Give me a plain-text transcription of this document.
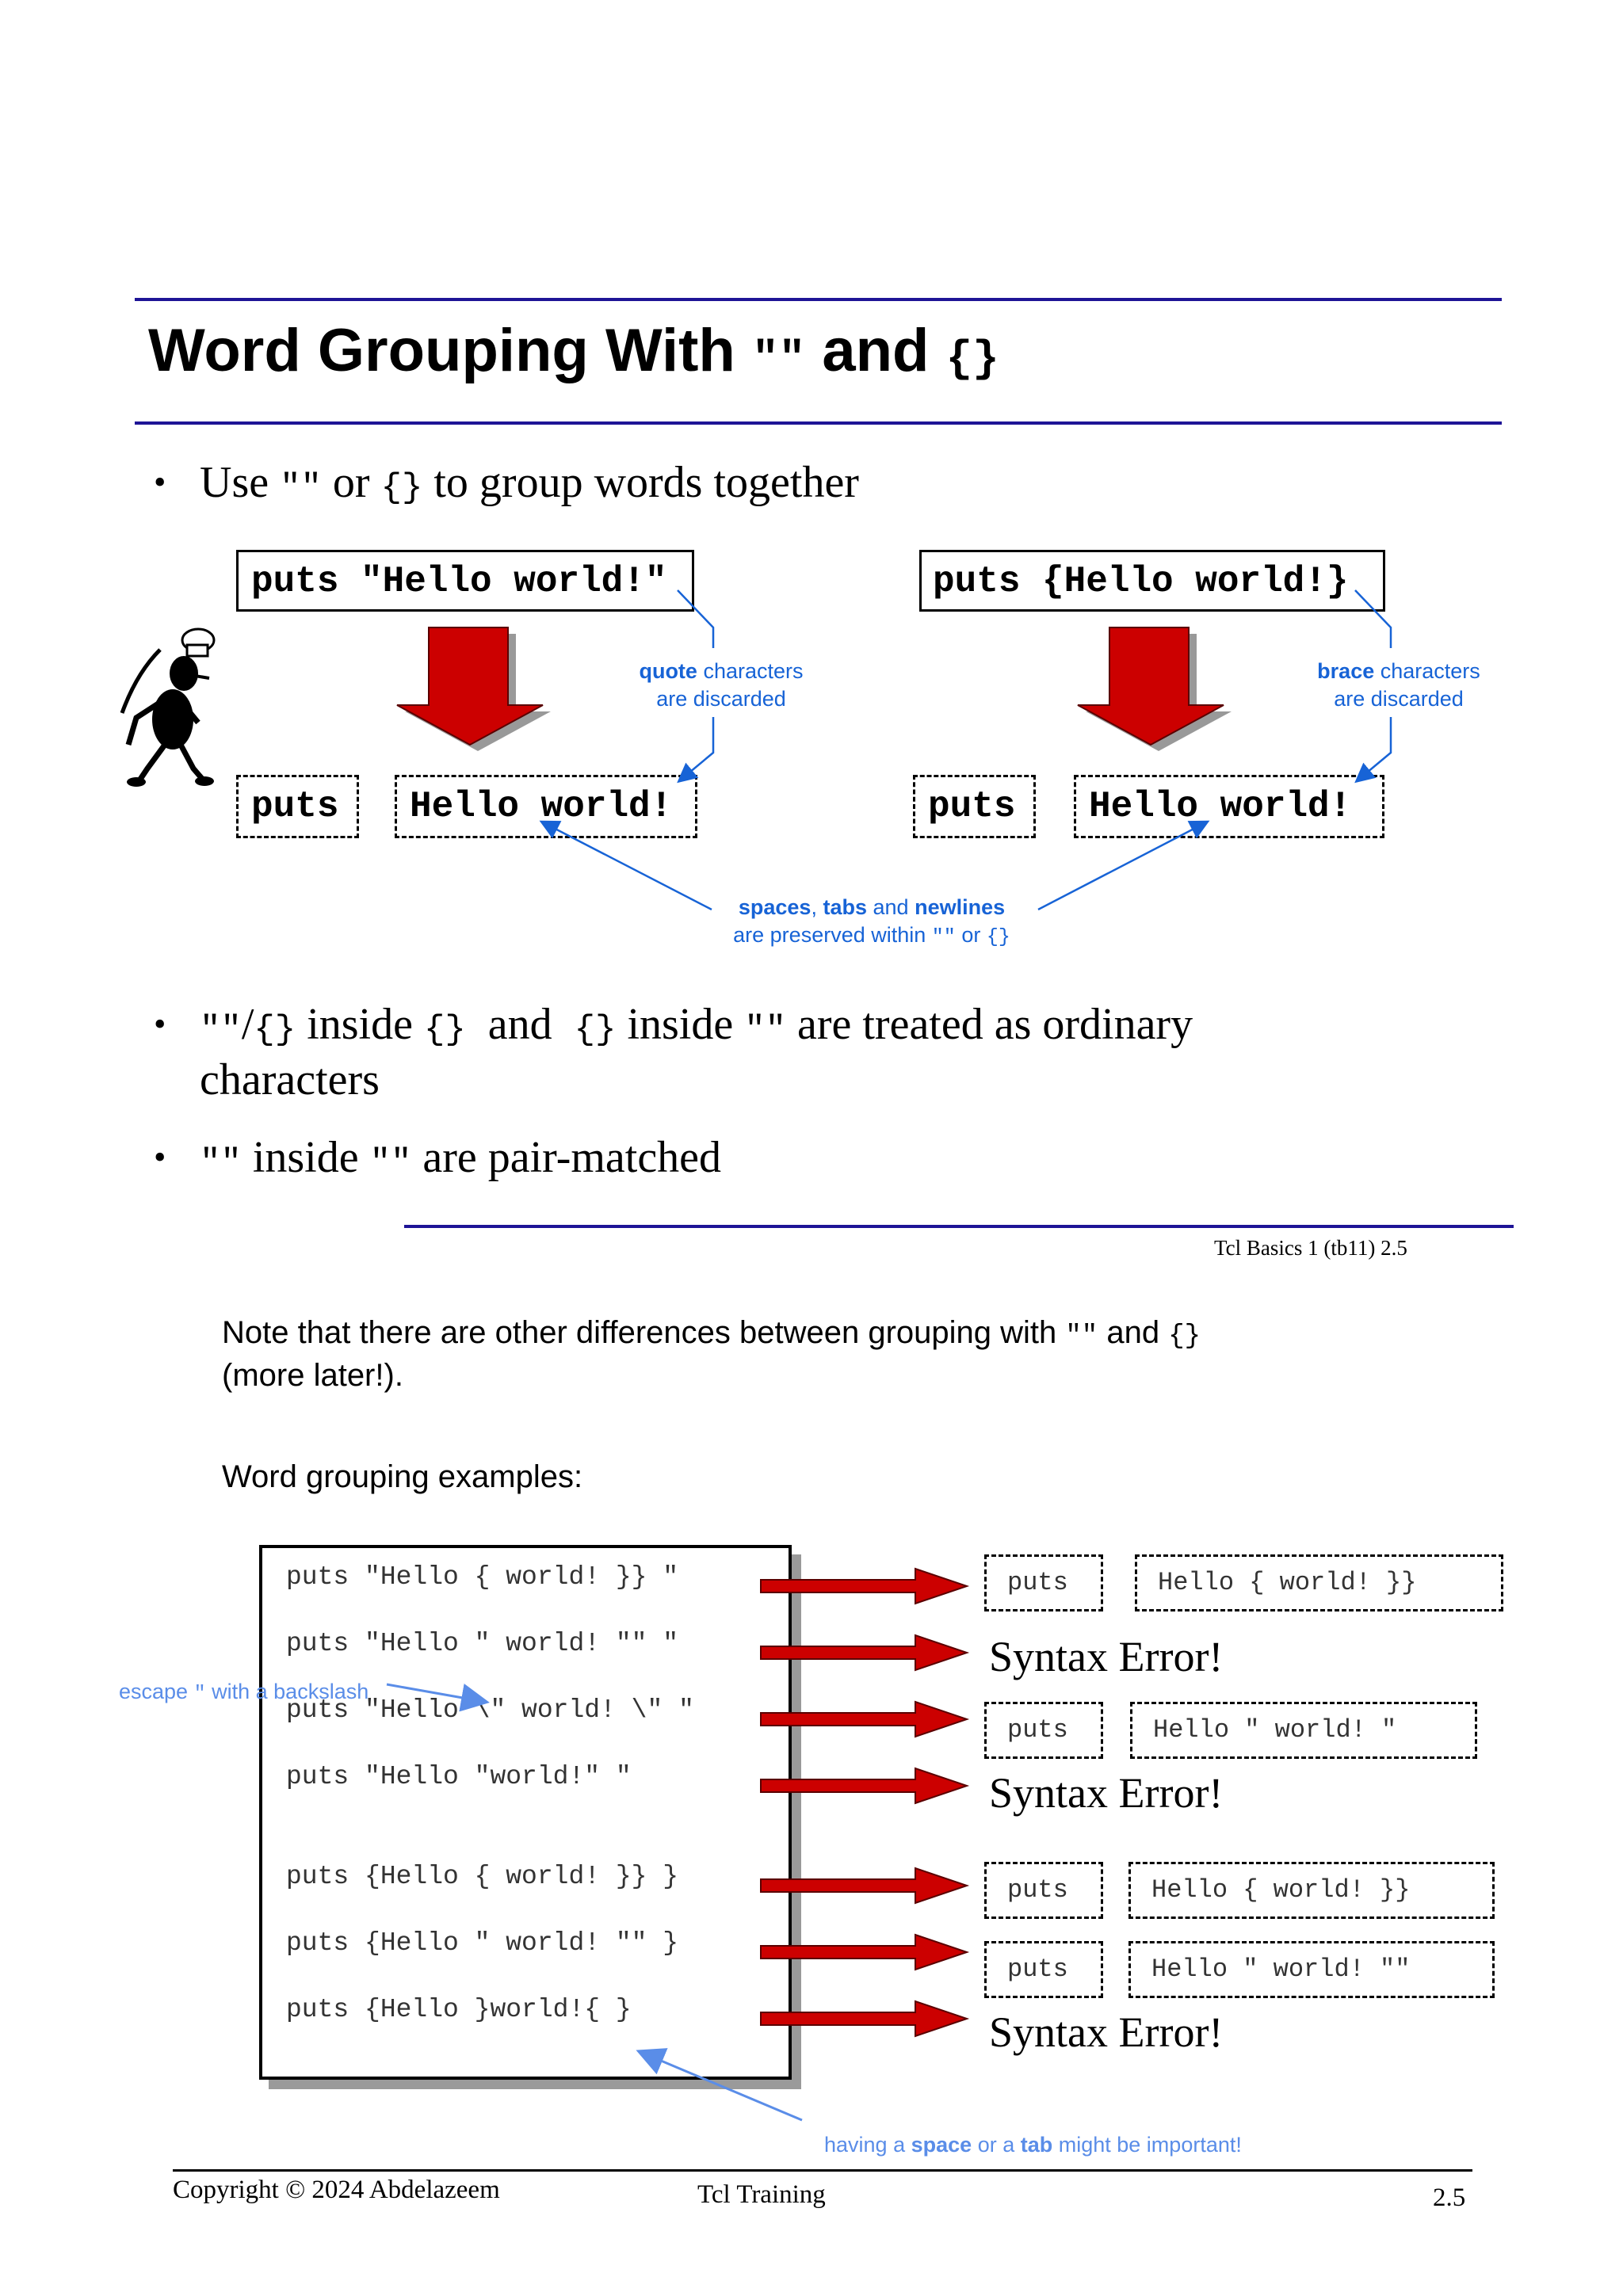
Word Grouping With "" and {}
• Use "" or {} to group words together
puts "Hello world!"	puts {Hello world!}
puts	Hello world!	puts	Hello world!
quote characters
are discarded
brace characters
are discarded
spaces, tabs and newlines
are preserved within "" or {}
• ""/{} inside {} and {} inside "" are treated as ordinary
characters
• "" inside "" are pair-matched
Tcl Basics 1 (tb11) 2.5
Note that there are other differences between grouping with "" and {}
(more later!).
Word grouping examples:
puts "Hello { world! }} "
puts "Hello " world! "" "
puts "Hello \" world! \" "
puts "Hello "world!" "
puts {Hello { world! }} }
puts {Hello " world! "" }
puts {Hello }world!{ }
puts	Hello { world! }}
Syntax Error!
puts	Hello " world! "
Syntax Error!
puts	Hello { world! }}
puts	Hello " world! ""
Syntax Error!
escape " with a backslash
having a space or a tab might be important!
Copyright © 2024 Abdelazeem	Tcl Training	2.5
